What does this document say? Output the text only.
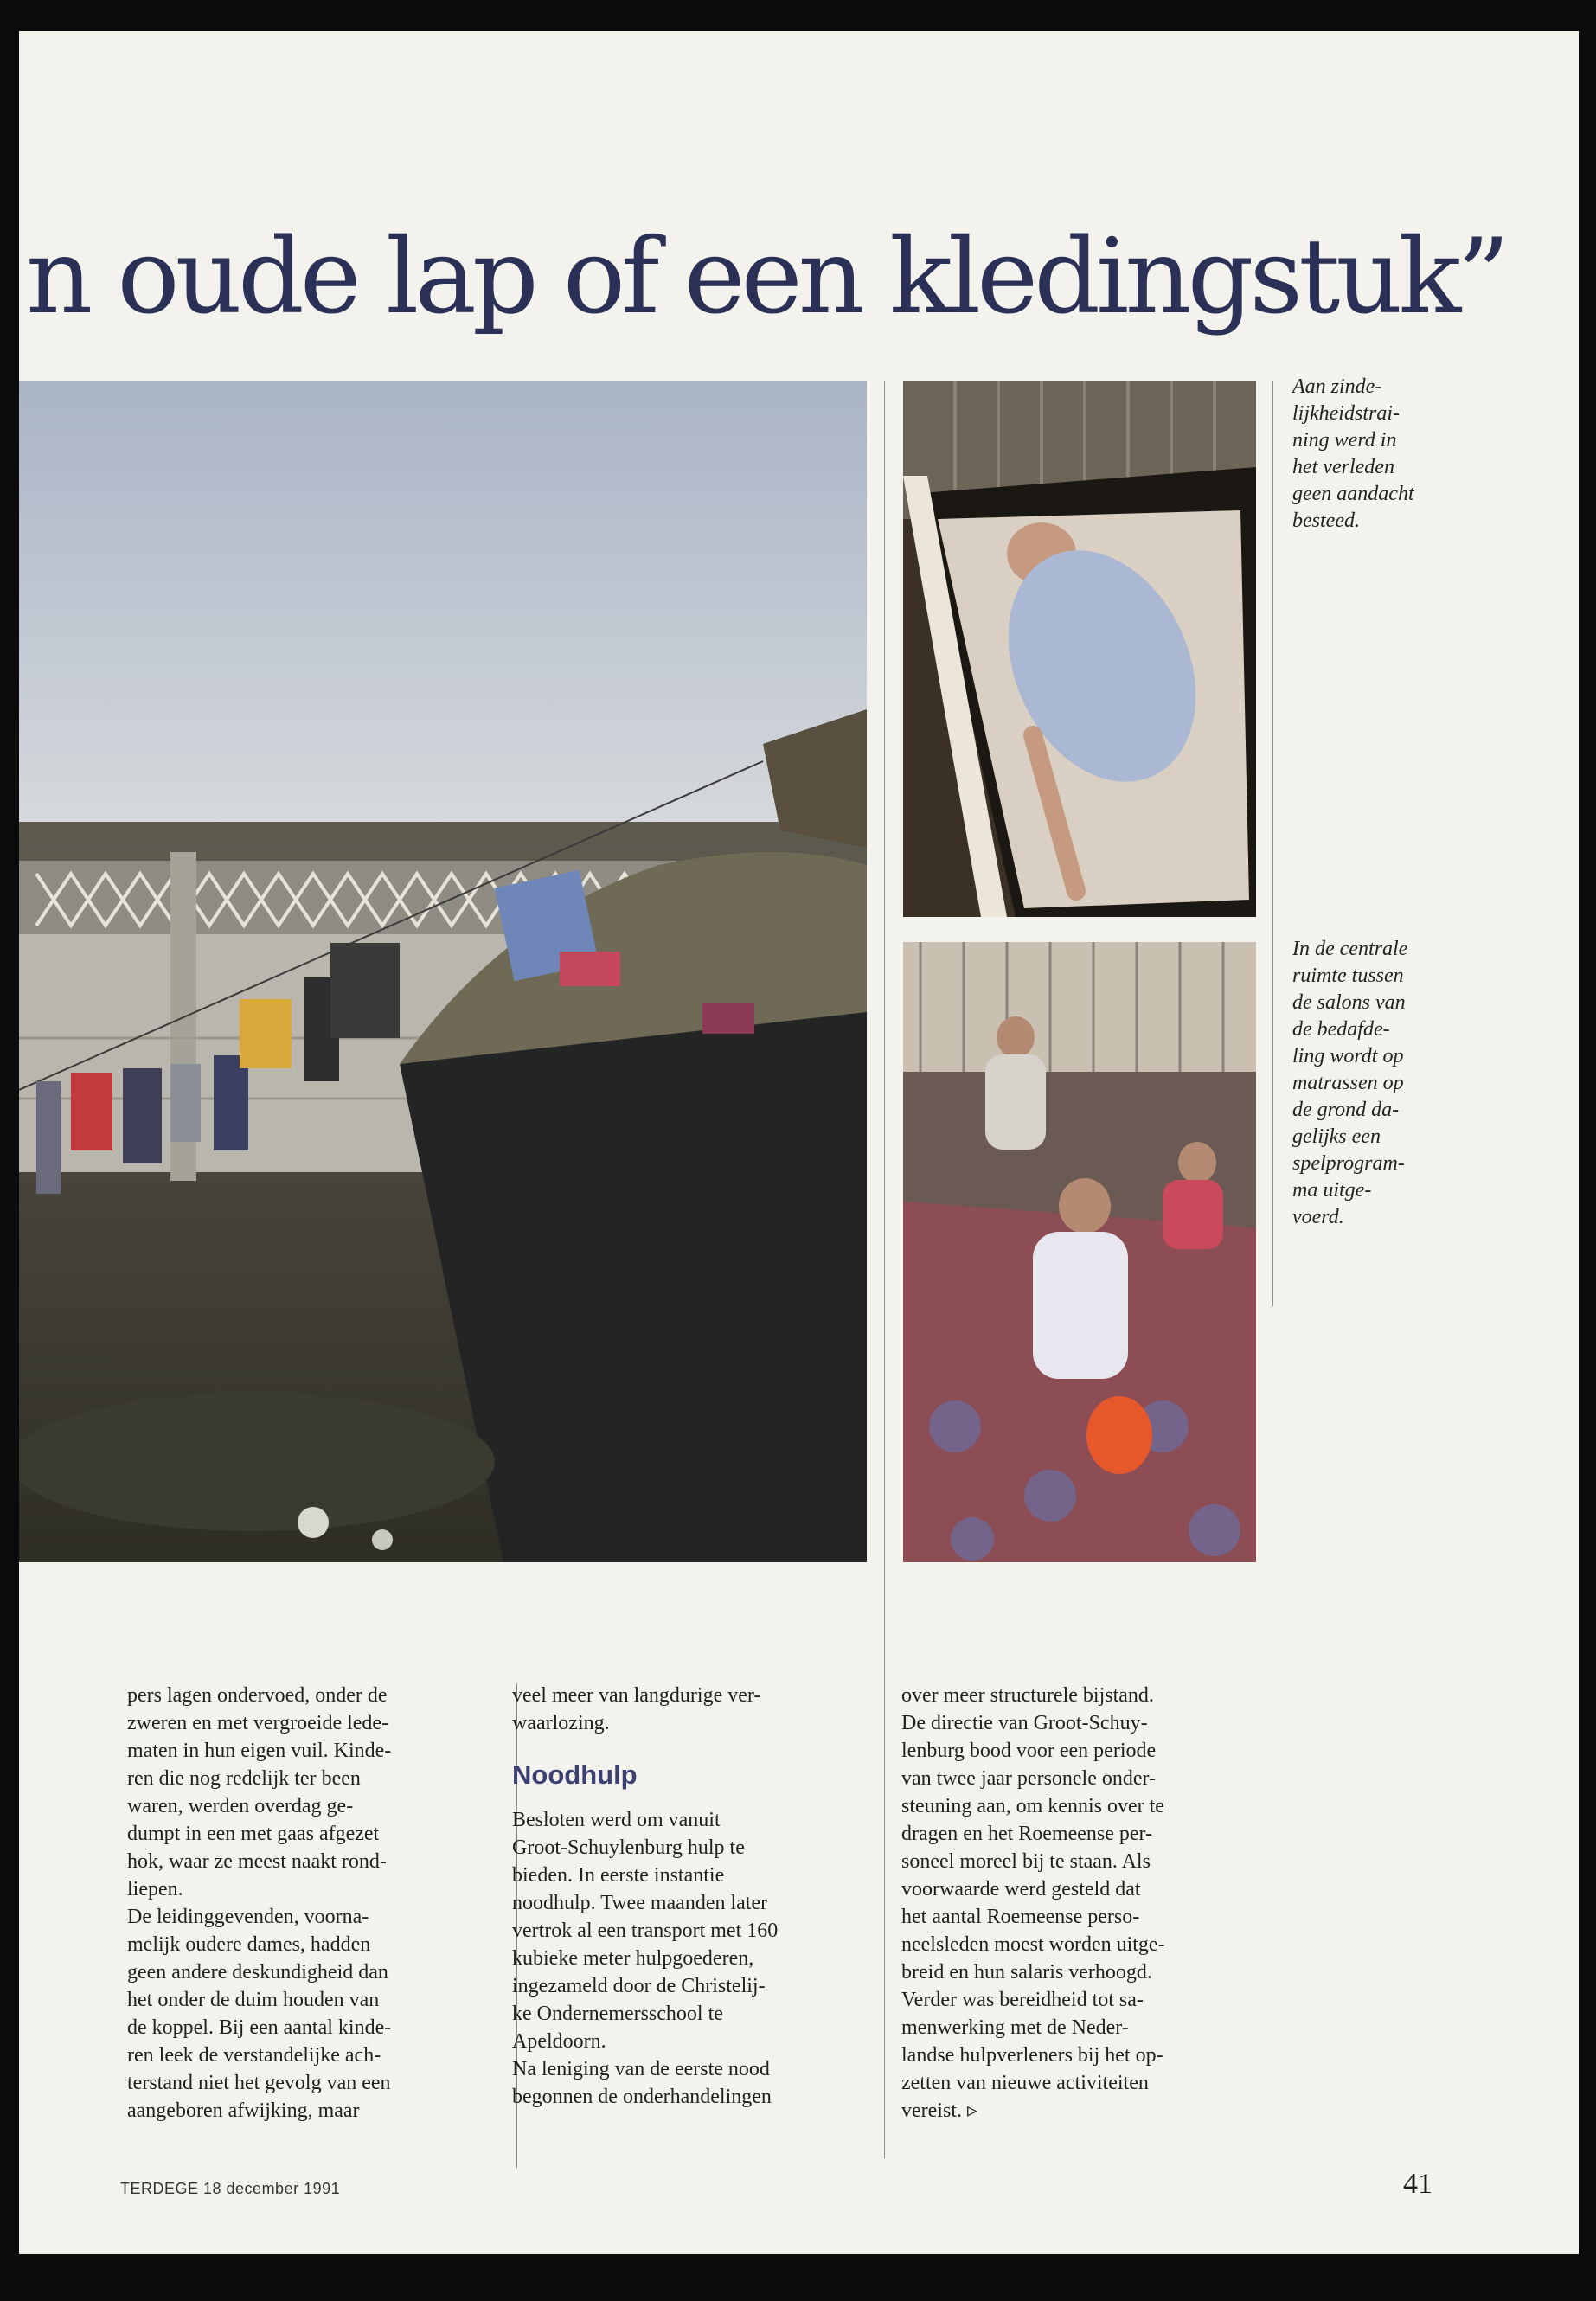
n oude lap of een kledingstuk”
Aan zinde-
lijkheidstrai-
ning werd in
het verleden
geen aandacht
besteed.
In de centrale
ruimte tussen
de salons van
de bedafde-
ling wordt op
matrassen op
de grond da-
gelijks een
spelprogram-
ma uitge-
voerd.

pers lagen ondervoed, onder de
zweren en met vergroeide lede-
maten in hun eigen vuil. Kinde-
ren die nog redelijk ter been
waren, werden overdag ge-
dumpt in een met gaas afgezet
hok, waar ze meest naakt rond-
liepen.
De leidinggevenden, voorna-
melijk oudere dames, hadden
geen andere deskundigheid dan
het onder de duim houden van
de koppel. Bij een aantal kinde-
ren leek de verstandelijke ach-
terstand niet het gevolg van een
aangeboren afwijking, maar

veel meer van langdurige ver-
waarlozing.

Noodhulp

Besloten werd om vanuit
Groot-Schuylenburg hulp te
bieden. In eerste instantie
noodhulp. Twee maanden later
vertrok al een transport met 160
kubieke meter hulpgoederen,
ingezameld door de Christelij-
ke Ondernemersschool te
Apeldoorn.
Na leniging van de eerste nood
begonnen de onderhandelingen

over meer structurele bijstand.
De directie van Groot-Schuy-
lenburg bood voor een periode
van twee jaar personele onder-
steuning aan, om kennis over te
dragen en het Roemeense per-
soneel moreel bij te staan. Als
voorwaarde werd gesteld dat
het aantal Roemeense perso-
neelsleden moest worden uitge-
breid en hun salaris verhoogd.
Verder was bereidheid tot sa-
menwerking met de Neder-
landse hulpverleners bij het op-
zetten van nieuwe activiteiten
vereist. ▹

TERDEGE 18 december 1991	41
